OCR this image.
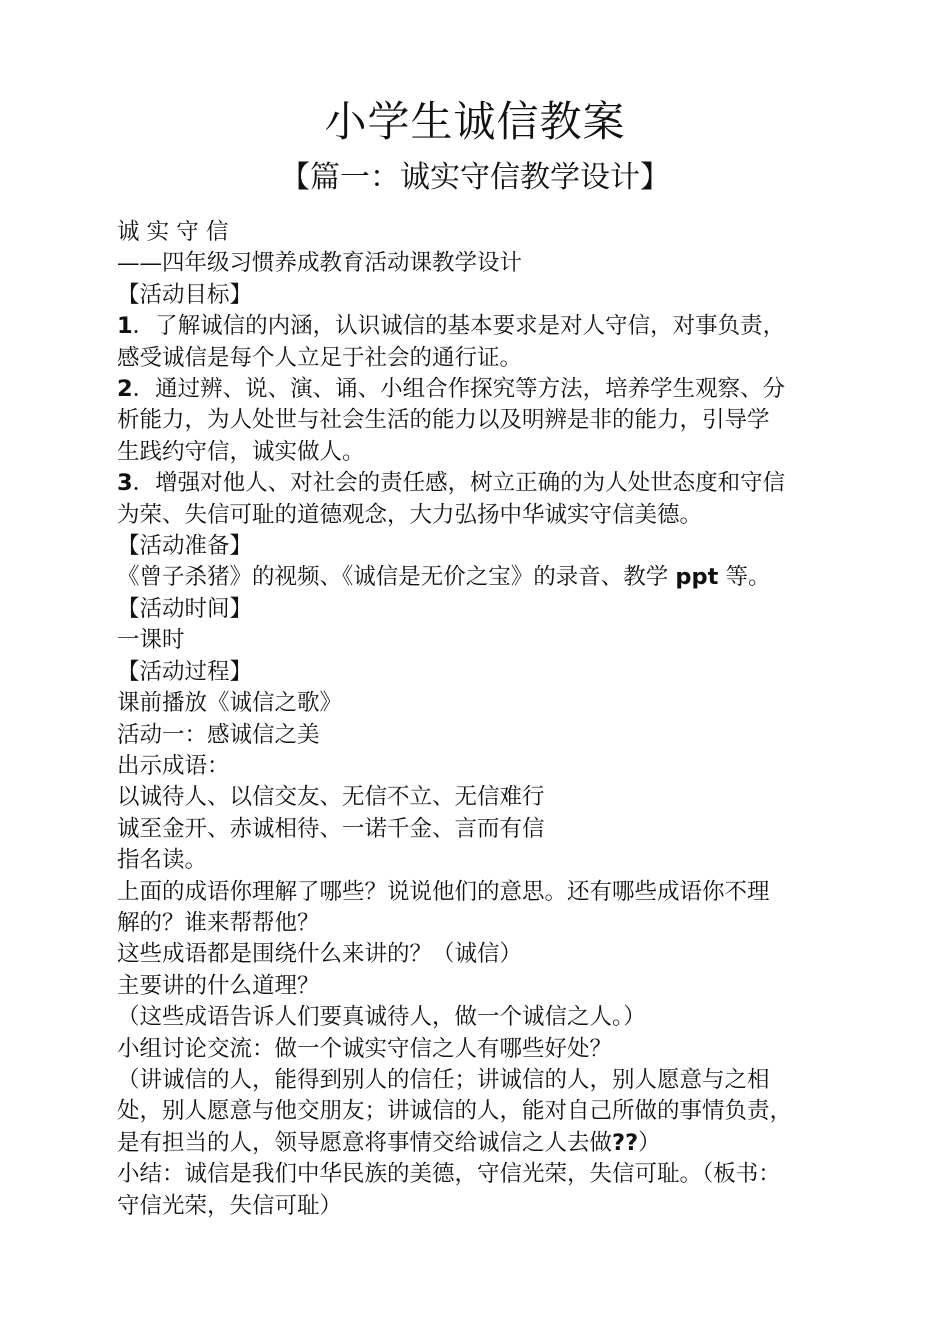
小学生诚信教案
【篇一：诚实守信教学设计】

诚 实 守 信

——四年级习惯养成教育活动课教学设计

【活动目标】

1．了解诚信的内涵，认识诚信的基本要求是对人守信，对事负责，

感受诚信是每个人立足于社会的通行证。

2．通过辨、说、演、诵、小组合作探究等方法，培养学生观察、分

析能力，为人处世与社会生活的能力以及明辨是非的能力，引导学

生践约守信，诚实做人。

3．增强对他人、对社会的责任感，树立正确的为人处世态度和守信

为荣、失信可耻的道德观念，大力弘扬中华诚实守信美德。

【活动准备】

《曾子杀猪》的视频、《诚信是无价之宝》的录音、教学 ppt 等。

【活动时间】

一课时

【活动过程】

课前播放《诚信之歌》

活动一：感诚信之美

出示成语：

以诚待人、以信交友、无信不立、无信难行

诚至金开、赤诚相待、一诺千金、言而有信

指名读。

上面的成语你理解了哪些？说说他们的意思。还有哪些成语你不理

解的？谁来帮帮他？

这些成语都是围绕什么来讲的？（诚信）

主要讲的什么道理？

（这些成语告诉人们要真诚待人，做一个诚信之人。）

小组讨论交流：做一个诚实守信之人有哪些好处？

（讲诚信的人，能得到别人的信任；讲诚信的人，别人愿意与之相

处，别人愿意与他交朋友；讲诚信的人，能对自己所做的事情负责，

是有担当的人，领导愿意将事情交给诚信之人去做??）

小结：诚信是我们中华民族的美德，守信光荣，失信可耻。（板书：

守信光荣，失信可耻）
